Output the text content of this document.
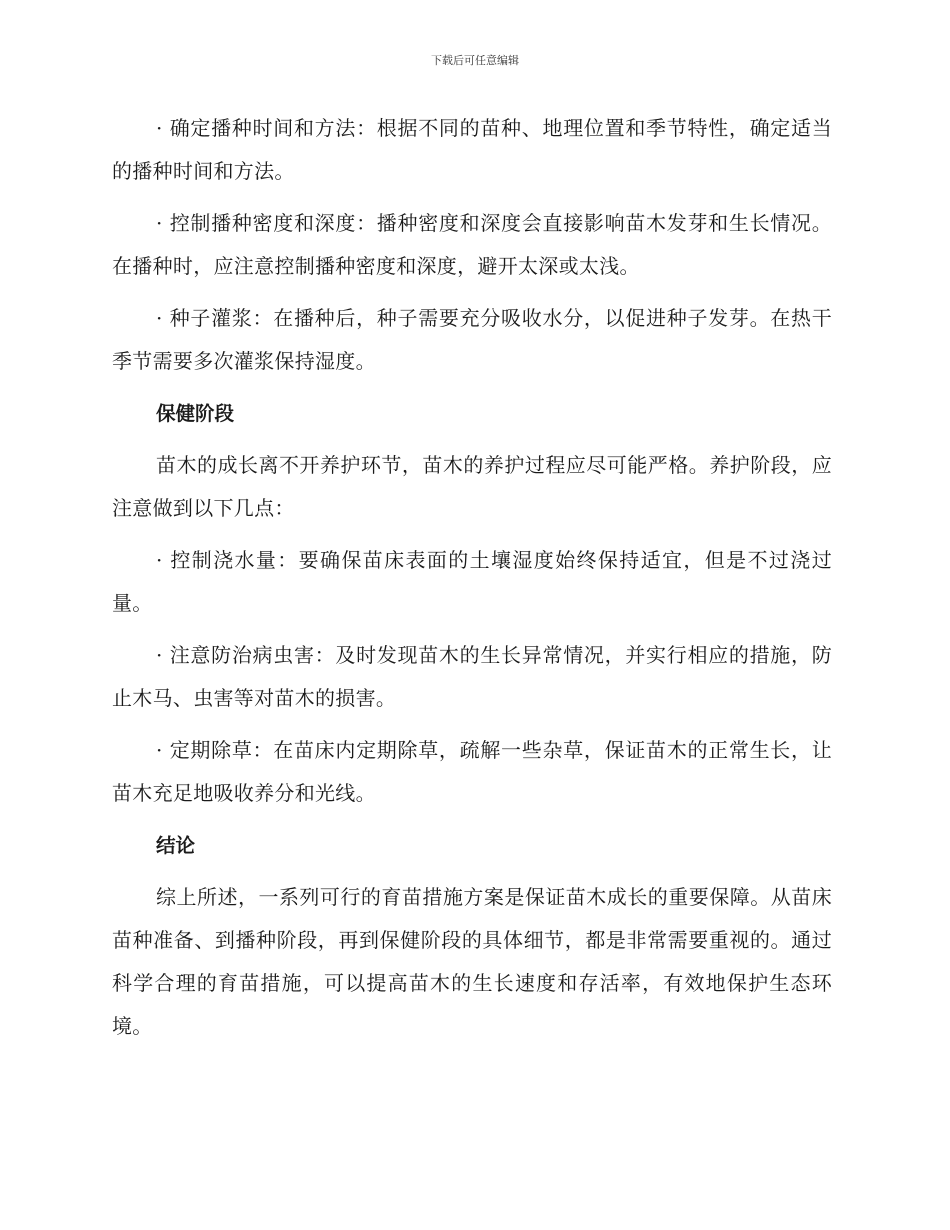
下载后可任意编辑

· 确定播种时间和方法：根据不同的苗种、地理位置和季节特性，确定适当的播种时间和方法。

· 控制播种密度和深度：播种密度和深度会直接影响苗木发芽和生长情况。在播种时，应注意控制播种密度和深度，避开太深或太浅。

· 种子灌浆：在播种后，种子需要充分吸收水分，以促进种子发芽。在热干季节需要多次灌浆保持湿度。

保健阶段

苗木的成长离不开养护环节，苗木的养护过程应尽可能严格。养护阶段，应注意做到以下几点：

· 控制浇水量：要确保苗床表面的土壤湿度始终保持适宜，但是不过浇过量。

· 注意防治病虫害：及时发现苗木的生长异常情况，并实行相应的措施，防止木马、虫害等对苗木的损害。

· 定期除草：在苗床内定期除草，疏解一些杂草，保证苗木的正常生长，让苗木充足地吸收养分和光线。

结论

综上所述，一系列可行的育苗措施方案是保证苗木成长的重要保障。从苗床苗种准备、到播种阶段，再到保健阶段的具体细节，都是非常需要重视的。通过科学合理的育苗措施，可以提高苗木的生长速度和存活率，有效地保护生态环境。
